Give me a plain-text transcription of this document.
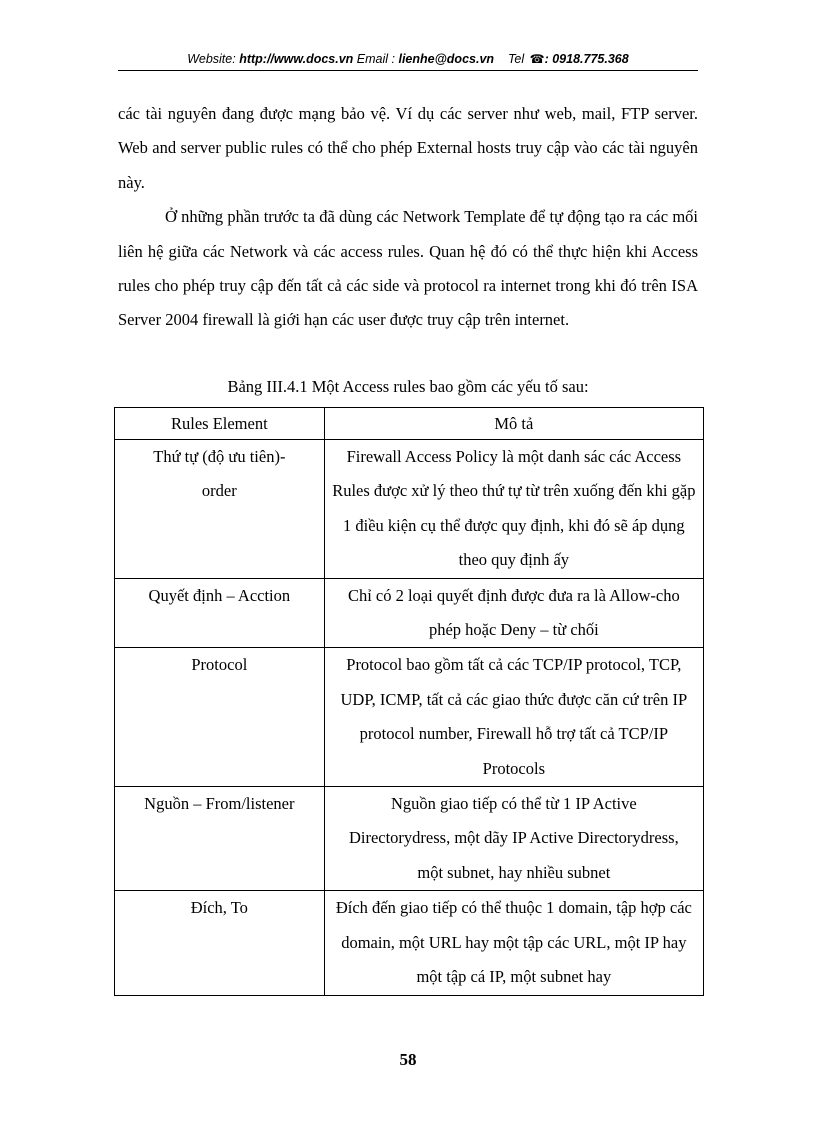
Website: http://www.docs.vn Email : lienhe@docs.vn Tel ☎: 0918.775.368

các tài nguyên đang được mạng bảo vệ. Ví dụ các server như web, mail, FTP server. Web and server public rules có thể cho phép External hosts truy cập vào các tài nguyên này.

Ở những phần trước ta đã dùng các Network Template để tự động tạo ra các mối liên hệ giữa các Network và các access rules. Quan hệ đó có thể thực hiện khi Access rules cho phép truy cập đến tất cả các side và protocol ra internet trong khi đó trên ISA Server 2004 firewall là giới hạn các user được truy cập trên internet.

Bảng III.4.1 Một Access rules bao gồm các yếu tố sau:
Rules Element	Mô tả
Thứ tự (độ ưu tiên)-order	Firewall Access Policy là một danh sác các Access Rules được xử lý theo thứ tự từ trên xuống đến khi gặp 1 điều kiện cụ thể được quy định, khi đó sẽ áp dụng theo quy định ấy
Quyết định – Acction	Chỉ có 2 loại quyết định được đưa ra là Allow-cho phép hoặc Deny – từ chối
Protocol	Protocol bao gồm tất cả các TCP/IP protocol, TCP, UDP, ICMP, tất cả các giao thức được căn cứ trên IP protocol number, Firewall hỗ trợ tất cả TCP/IP Protocols
Nguồn – From/listener	Nguồn giao tiếp có thể từ 1 IP Active Directorydress, một dãy IP Active Directorydress, một subnet, hay nhiều subnet
Đích, To	Đích đến giao tiếp có thể thuộc 1 domain, tập hợp các domain, một URL hay một tập các URL, một IP hay một tập cá IP, một subnet hay
58
